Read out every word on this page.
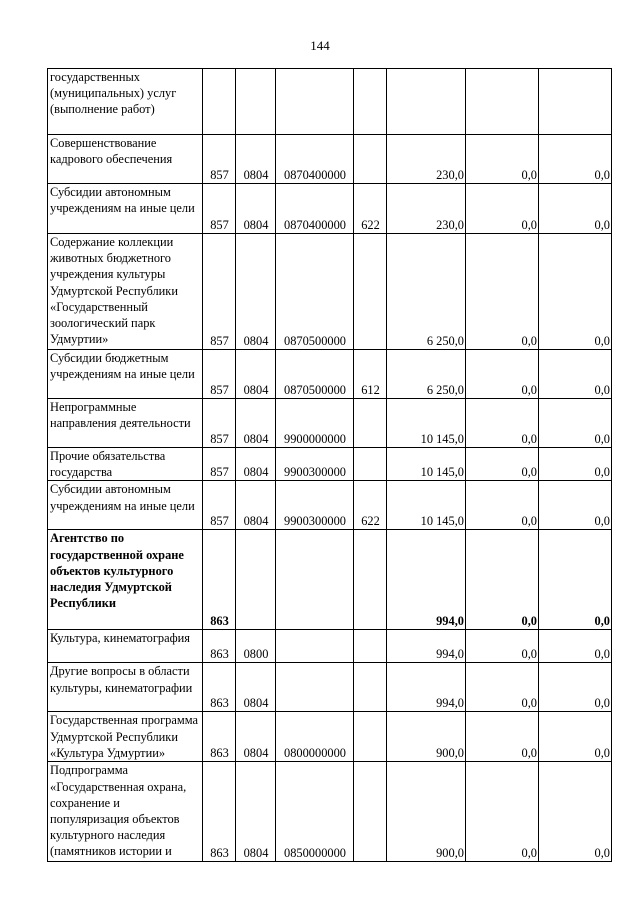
144
государственных (муниципальных) услуг (выполнение работ)							
Совершенствование кадрового обеспечения	857	0804	0870400000		230,0	0,0	0,0
Субсидии автономным учреждениям на иные цели	857	0804	0870400000	622	230,0	0,0	0,0
Содержание коллекции животных бюджетного учреждения культуры Удмуртской Республики «Государственный зоологический парк Удмуртии»	857	0804	0870500000		6 250,0	0,0	0,0
Субсидии бюджетным учреждениям на иные цели	857	0804	0870500000	612	6 250,0	0,0	0,0
Непрограммные направления деятельности	857	0804	9900000000		10 145,0	0,0	0,0
Прочие обязательства государства	857	0804	9900300000		10 145,0	0,0	0,0
Субсидии автономным учреждениям на иные цели	857	0804	9900300000	622	10 145,0	0,0	0,0
Агентство по государственной охране объектов культурного наследия Удмуртской Республики	863				994,0	0,0	0,0
Культура, кинематография	863	0800			994,0	0,0	0,0
Другие вопросы в области культуры, кинематографии	863	0804			994,0	0,0	0,0
Государственная программа Удмуртской Республики «Культура Удмуртии»	863	0804	0800000000		900,0	0,0	0,0
Подпрограмма «Государственная охрана, сохранение и популяризация объектов культурного наследия (памятников истории и	863	0804	0850000000		900,0	0,0	0,0
